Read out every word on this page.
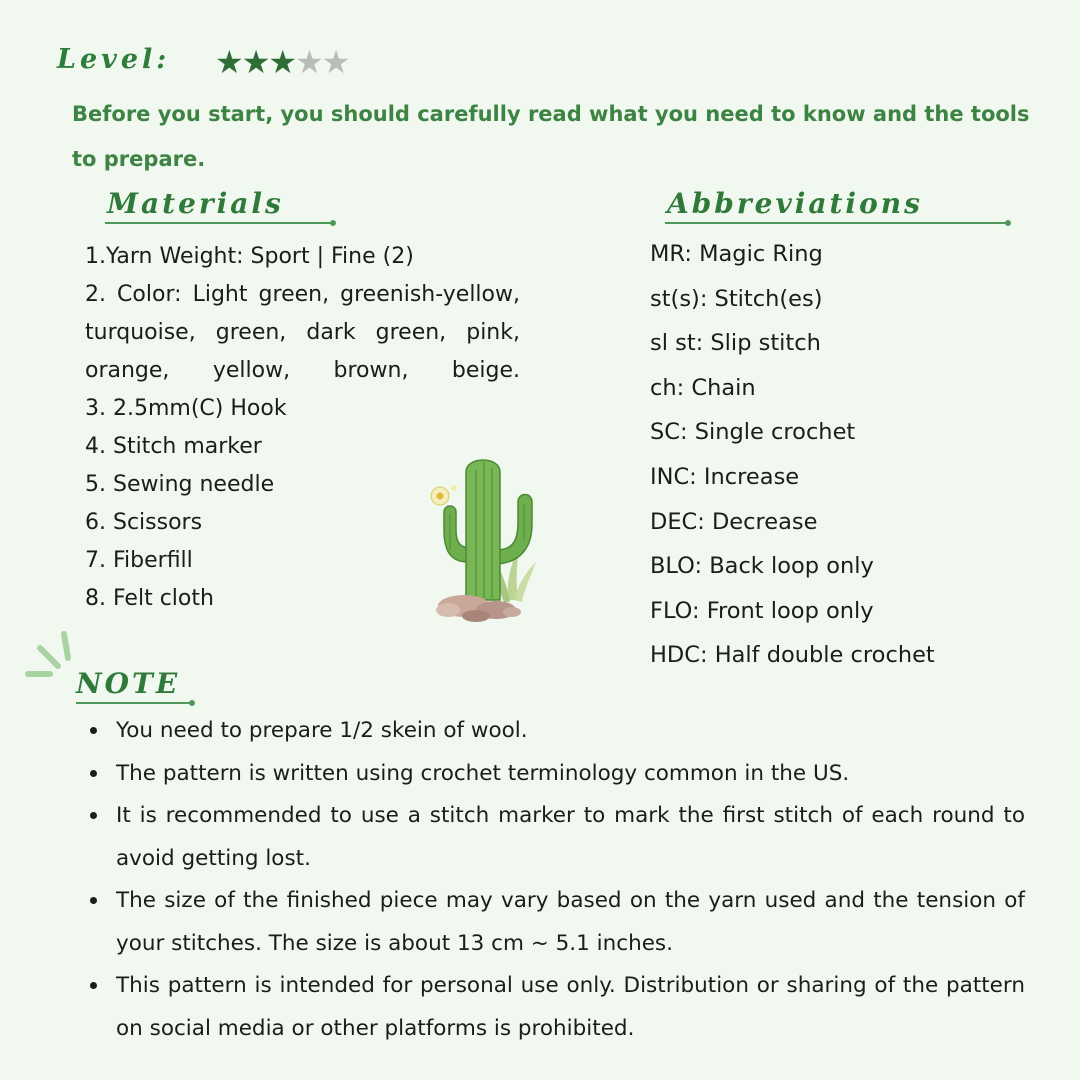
Level: ★★★★★
Before you start, you should carefully read what you need to know and the tools to prepare.
Materials
1.Yarn Weight: Sport | Fine (2)
2. Color: Light green, greenish-yellow, turquoise, green, dark green, pink, orange, yellow, brown, beige.
3. 2.5mm(C) Hook
4. Stitch marker
5. Sewing needle
6. Scissors
7. Fiberfill
8. Felt cloth
Abbreviations
MR: Magic Ring
st(s): Stitch(es)
sl st: Slip stitch
ch: Chain
SC: Single crochet
INC: Increase
DEC: Decrease
BLO: Back loop only
FLO: Front loop only
HDC: Half double crochet
NOTE
You need to prepare 1/2 skein of wool.
The pattern is written using crochet terminology common in the US.
It is recommended to use a stitch marker to mark the first stitch of each round to avoid getting lost.
The size of the finished piece may vary based on the yarn used and the tension of your stitches. The size is about 13 cm ~ 5.1 inches.
This pattern is intended for personal use only. Distribution or sharing of the pattern on social media or other platforms is prohibited.
